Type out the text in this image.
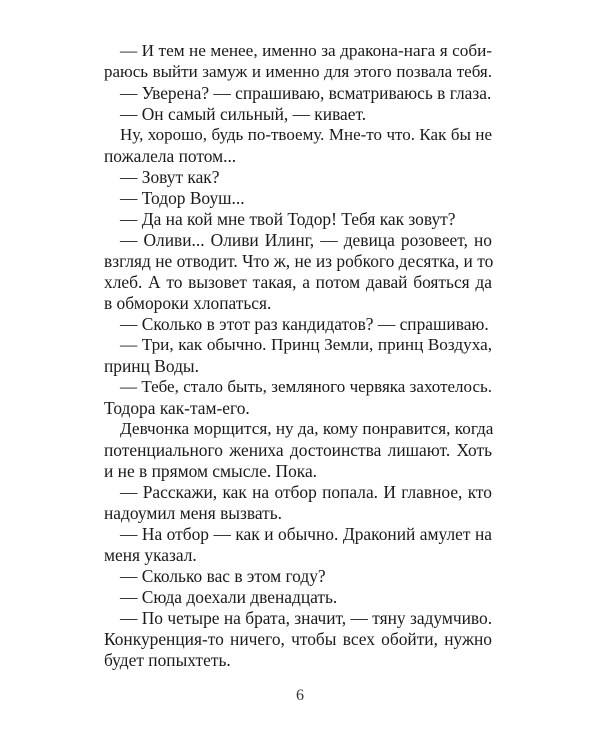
— И тем не менее, именно за дракона-нага я соби-
раюсь выйти замуж и именно для этого позвала тебя.
— Уверена? — спрашиваю, всматриваюсь в глаза.
— Он самый сильный, — кивает.
Ну, хорошо, будь по-твоему. Мне-то что. Как бы не
пожалела потом...
— Зовут как?
— Тодор Воуш...
— Да на кой мне твой Тодор! Тебя как зовут?
— Оливи... Оливи Илинг, — девица розовеет, но
взгляд не отводит. Что ж, не из робкого десятка, и то
хлеб. А то вызовет такая, а потом давай бояться да
в обмороки хлопаться.
— Сколько в этот раз кандидатов? — спрашиваю.
— Три, как обычно. Принц Земли, принц Воздуха,
принц Воды.
— Тебе, стало быть, земляного червяка захотелось.
Тодора как-там-его.
Девчонка морщится, ну да, кому понравится, когда
потенциального жениха достоинства лишают. Хоть
и не в прямом смысле. Пока.
— Расскажи, как на отбор попала. И главное, кто
надоумил меня вызвать.
— На отбор — как и обычно. Драконий амулет на
меня указал.
— Сколько вас в этом году?
— Сюда доехали двенадцать.
— По четыре на брата, значит, — тяну задумчиво.
Конкуренция-то ничего, чтобы всех обойти, нужно
будет попыхтеть.
6
